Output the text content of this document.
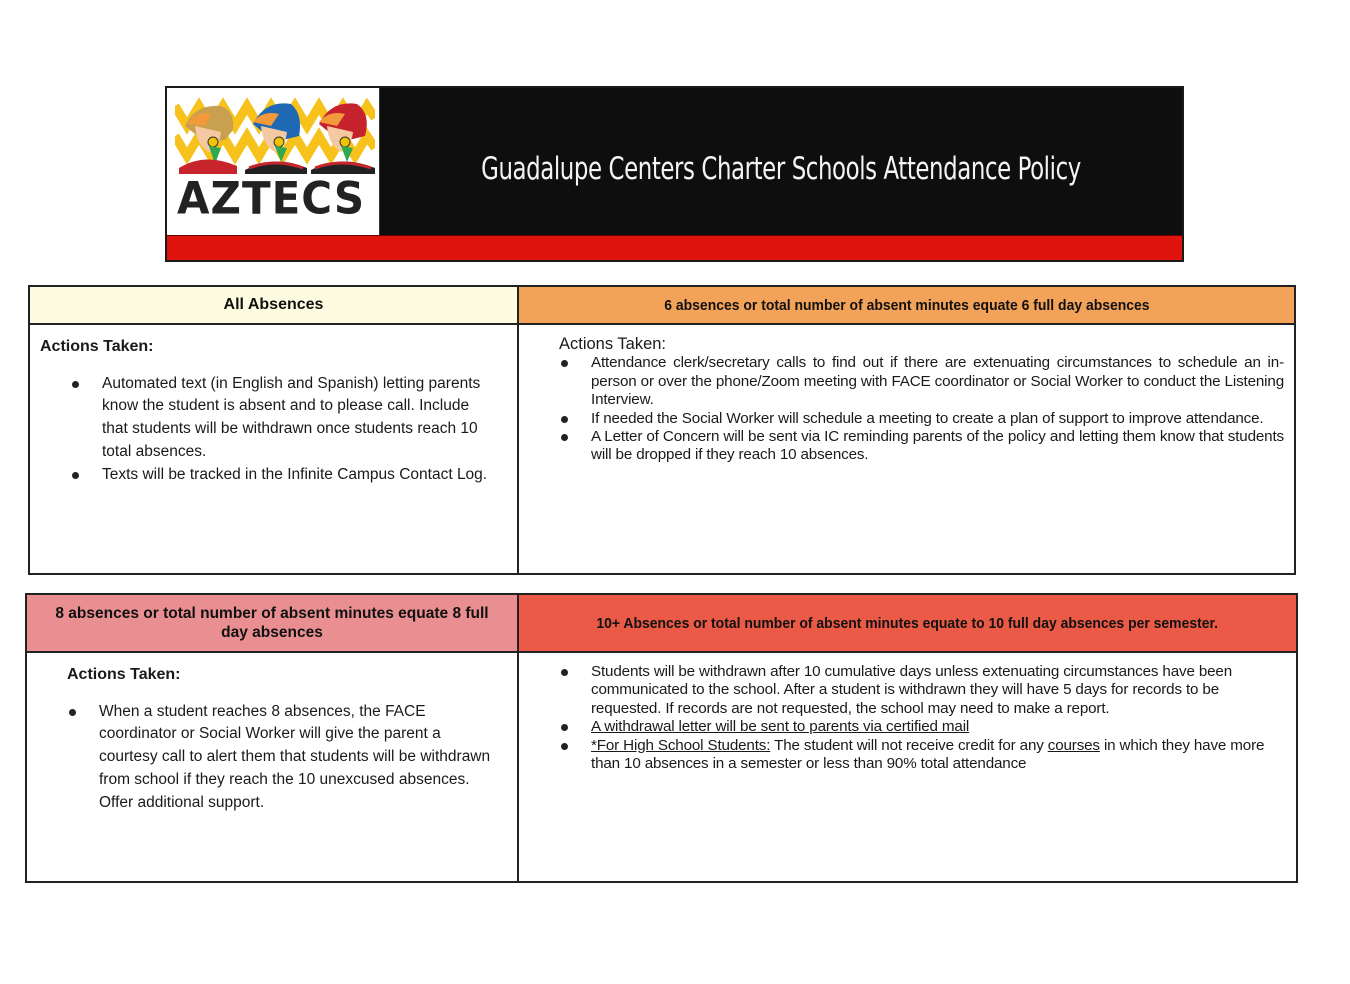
AZTECS
Guadalupe Centers Charter Schools Attendance Policy
All Absences	6 absences or total number of absent minutes equate 6 full day absences
Actions Taken:
Automated text (in English and Spanish) letting parents know the student is absent and to please call. Include that students will be withdrawn once students reach 10 total absences.
Texts will be tracked in the Infinite Campus Contact Log.
Actions Taken:
Attendance clerk/secretary calls to find out if there are extenuating circumstances to schedule an in-person or over the phone/Zoom meeting with FACE coordinator or Social Worker to conduct the Listening Interview.
If needed the Social Worker will schedule a meeting to create a plan of support to improve attendance.
A Letter of Concern will be sent via IC reminding parents of the policy and letting them know that students will be dropped if they reach 10 absences.
8 absences or total number of absent minutes equate 8 full day absences
10+ Absences or total number of absent minutes equate to 10 full day absences per semester.
Actions Taken:
When a student reaches 8 absences, the FACE coordinator or Social Worker will give the parent a courtesy call to alert them that students will be withdrawn from school if they reach the 10 unexcused absences. Offer additional support.
Students will be withdrawn after 10 cumulative days unless extenuating circumstances have been communicated to the school. After a student is withdrawn they will have 5 days for records to be requested. If records are not requested, the school may need to make a report.
A withdrawal letter will be sent to parents via certified mail
*For High School Students: The student will not receive credit for any courses in which they have more than 10 absences in a semester or less than 90% total attendance
